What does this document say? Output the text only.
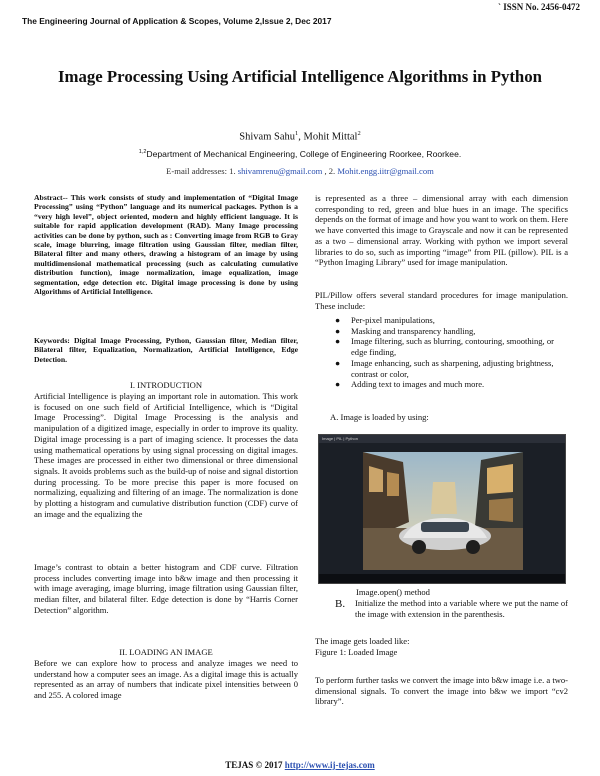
The Engineering Journal of Application & Scopes, Volume 2,Issue 2, Dec 2017
` ISSN No. 2456-0472
Image Processing Using Artificial Intelligence Algorithms in Python
Shivam Sahu$^1$, Mohit Mittal$^2$
$^{1,2}$Department of Mechanical Engineering, College of Engineering Roorkee, Roorkee.
E-mail addresses: 1. shivamrenu@gmail.com , 2. Mohit.engg.iitr@gmail.com
Abstract-- This work consists of study and implementation of “Digital Image Processing” using “Python” language and its numerical packages. Python is a “very high level”, object oriented, modern and highly efficient language. It is suitable for rapid application development (RAD). Many Image processing activities can be done by python, such as : Converting image from RGB to Gray scale, image blurring, image filtration using Gaussian filter, median filter, Bilateral filter and many others, drawing a histogram of an image by using multidimensional mathematical processing (such as calculating cumulative distribution function), image normalization, image equalization, image segmentation, edge detection etc. Digital image processing is done by using Algorithms of Artificial Intelligence.
Keywords: Digital Image Processing, Python, Gaussian filter, Median filter, Bilateral filter, Equalization, Normalization, Artificial Intelligence, Edge Detection.
I. INTRODUCTION
Artificial Intelligence is playing an important role in automation. This work is focused on one such field of Artificial Intelligence, which is “Digital Image Processing”. Digital Image Processing is the analysis and manipulation of a digitized image, especially in order to improve its quality. Digital image processing is a part of imaging science. It processes the data using mathematical operations by using signal processing on digital images. These images are processed in either two dimensional or three dimensional signals. It avoids problems such as the build-up of noise and signal distortion during processing. To be more precise this paper is more focused on normalizing, equalizing and filtering of an image. The normalization is done by plotting a histogram and cumulative distribution function (CDF) curve of an image and the equalizing the
Image’s contrast to obtain a better histogram and CDF curve. Filtration process includes converting image into b&w image and then processing it with image averaging, image blurring, image filtration using Gaussian filter, median filter, and bilateral filter. Edge detection is done by “Harris Corner Detection” algorithm.
II. LOADING AN IMAGE
Before we can explore how to process and analyze images we need to understand how a computer sees an image. As a digital image this is actually represented as an array of numbers that indicate pixel intensities between 0 and 255. A colored image
is represented as a three – dimensional array with each dimension corresponding to red, green and blue hues in an image. The specifics depends on the format of image and how you want to work on them. Here we have converted this image to Grayscale and now it can be represented as a two – dimensional array. Working with python we import several libraries to do so, such as importing “image” from PIL (pillow). PIL is a “Python Imaging Library” used for image manipulation.
PIL/Pillow offers several standard procedures for image manipulation. These include:
● Per-pixel manipulations,
● Masking and transparency handling,
● Image filtering, such as blurring, contouring, smoothing, or edge finding,
● Image enhancing, such as sharpening, adjusting brightness, contrast or color,
● Adding text to images and much more.
A. Image is loaded by using:
Image | PIL | Python
Image.open() method
B. Initialize the method into a variable where we put the name of the image with extension in the parenthesis.
The image gets loaded like:
Figure 1: Loaded Image
To perform further tasks we convert the image into b&w image i.e. a two-dimensional signals. To convert the image into b&w we import “cv2 library”.
TEJAS © 2017 http://www.ij-tejas.com
